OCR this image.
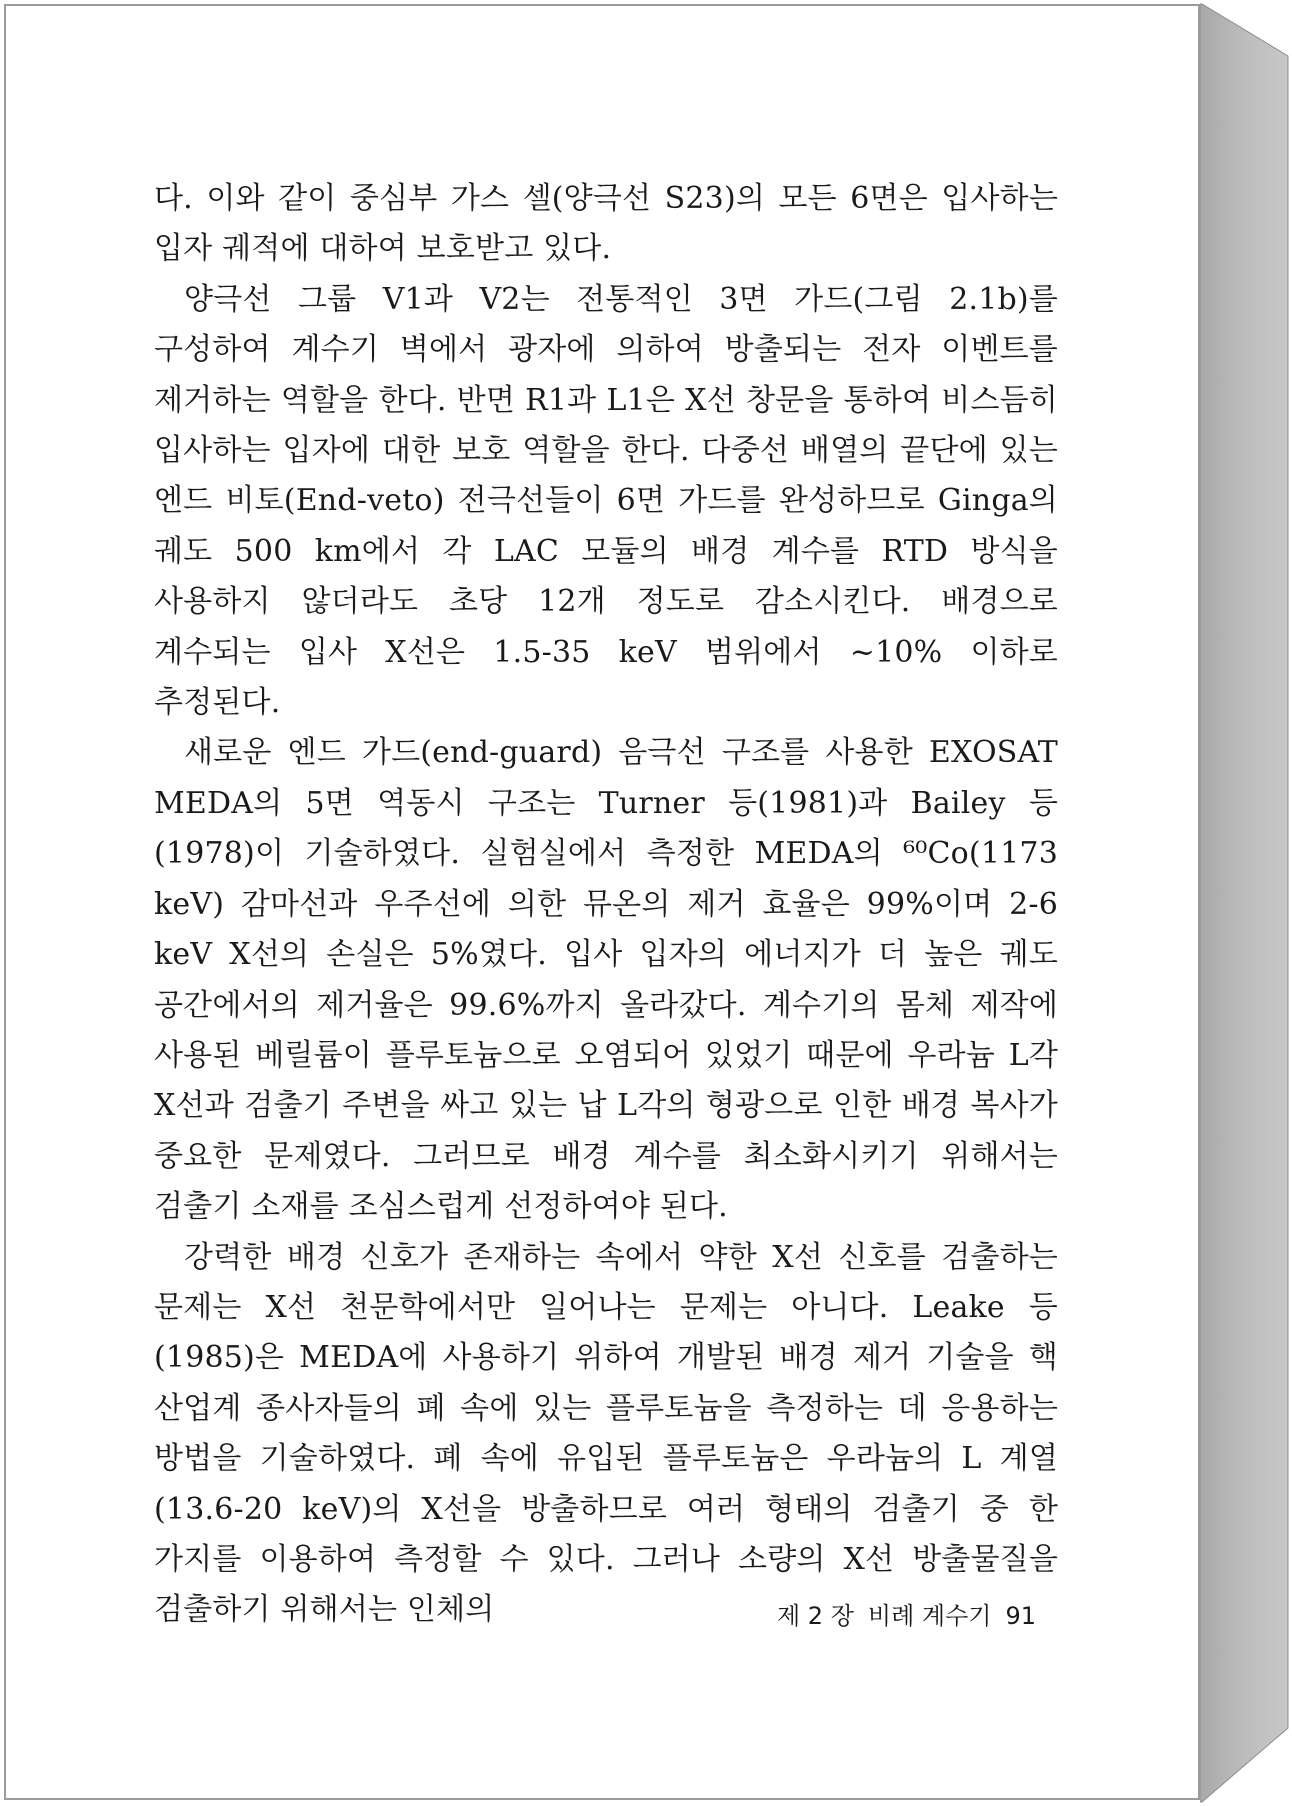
다. 이와 같이 중심부 가스 셀(양극선 S23)의 모든 6면은 입사하는 입자 궤적에 대하여 보호받고 있다.

양극선 그룹 V1과 V2는 전통적인 3면 가드(그림 2.1b)를 구성하여 계수기 벽에서 광자에 의하여 방출되는 전자 이벤트를 제거하는 역할을 한다. 반면 R1과 L1은 X선 창문을 통하여 비스듬히 입사하는 입자에 대한 보호 역할을 한다. 다중선 배열의 끝단에 있는 엔드 비토(End-veto) 전극선들이 6면 가드를 완성하므로 Ginga의 궤도 500 km에서 각 LAC 모듈의 배경 계수를 RTD 방식을 사용하지 않더라도 초당 12개 정도로 감소시킨다. 배경으로 계수되는 입사 X선은 1.5-35 keV 범위에서 ~10% 이하로 추정된다.

새로운 엔드 가드(end-guard) 음극선 구조를 사용한 EXOSAT MEDA의 5면 역동시 구조는 Turner 등(1981)과 Bailey 등(1978)이 기술하였다. 실험실에서 측정한 MEDA의 ⁶⁰Co(1173 keV) 감마선과 우주선에 의한 뮤온의 제거 효율은 99%이며 2-6 keV X선의 손실은 5%였다. 입사 입자의 에너지가 더 높은 궤도 공간에서의 제거율은 99.6%까지 올라갔다. 계수기의 몸체 제작에 사용된 베릴륨이 플루토늄으로 오염되어 있었기 때문에 우라늄 L각 X선과 검출기 주변을 싸고 있는 납 L각의 형광으로 인한 배경 복사가 중요한 문제였다. 그러므로 배경 계수를 최소화시키기 위해서는 검출기 소재를 조심스럽게 선정하여야 된다.

강력한 배경 신호가 존재하는 속에서 약한 X선 신호를 검출하는 문제는 X선 천문학에서만 일어나는 문제는 아니다. Leake 등(1985)은 MEDA에 사용하기 위하여 개발된 배경 제거 기술을 핵 산업계 종사자들의 폐 속에 있는 플루토늄을 측정하는 데 응용하는 방법을 기술하였다. 폐 속에 유입된 플루토늄은 우라늄의 L 계열(13.6-20 keV)의 X선을 방출하므로 여러 형태의 검출기 중 한 가지를 이용하여 측정할 수 있다. 그러나 소량의 X선 방출물질을 검출하기 위해서는 인체의	제 2 장 비례 계수기 91
